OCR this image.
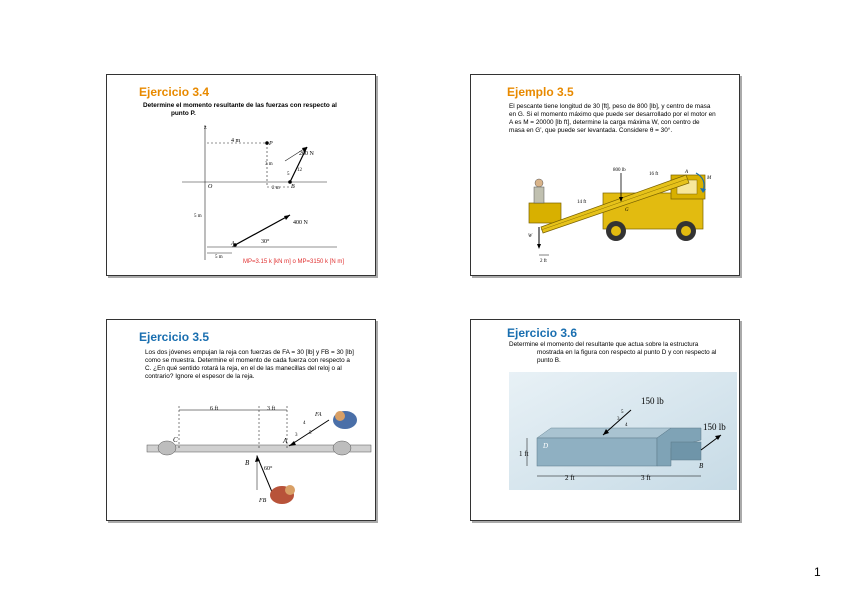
Ejercicio 3.4
Determine el momento resultante de las fuerzas con respecto al
punto P.
z
4 m	P
260 N
3 m
12
5
O	2 m B
5 m
400 N
A	30°
5 m
MP=3.15 k [kN m] o MP=3150 k [N m]
Ejemplo 3.5
El pescante tiene longitud de 30 [ft], peso de 800 [lb], y centro de masa
en G. Si el momento máximo que puede ser desarrollado por el motor en
A es M = 20000 [lb ft], determine la carga máxima W, con centro de
masa en G', que puede ser levantada. Considere θ = 30°.
800 lb
16 ft
14 ft
G
A
M
W
2 ft
Ejercicio 3.5
Los dos jóvenes empujan la reja con fuerzas de FA = 30 [lb] y FB = 30 [lb]
como se muestra. Determine el momento de cada fuerza con respecto a
C. ¿En qué sentido rotará la reja, en el de las manecillas del reloj o al
contrario? Ignore el espesor de la reja.
6 ft	3 ft
FA
C	A
B
60°
FB
3
4
5
Ejercicio 3.6
Determine el momento del resultante que actua sobre la estructura
mostrada en la figura con respecto al punto D y con respecto al
punto B.
150 lb
150 lb
1 ft
2 ft	3 ft
D
B
3
4
5
1
